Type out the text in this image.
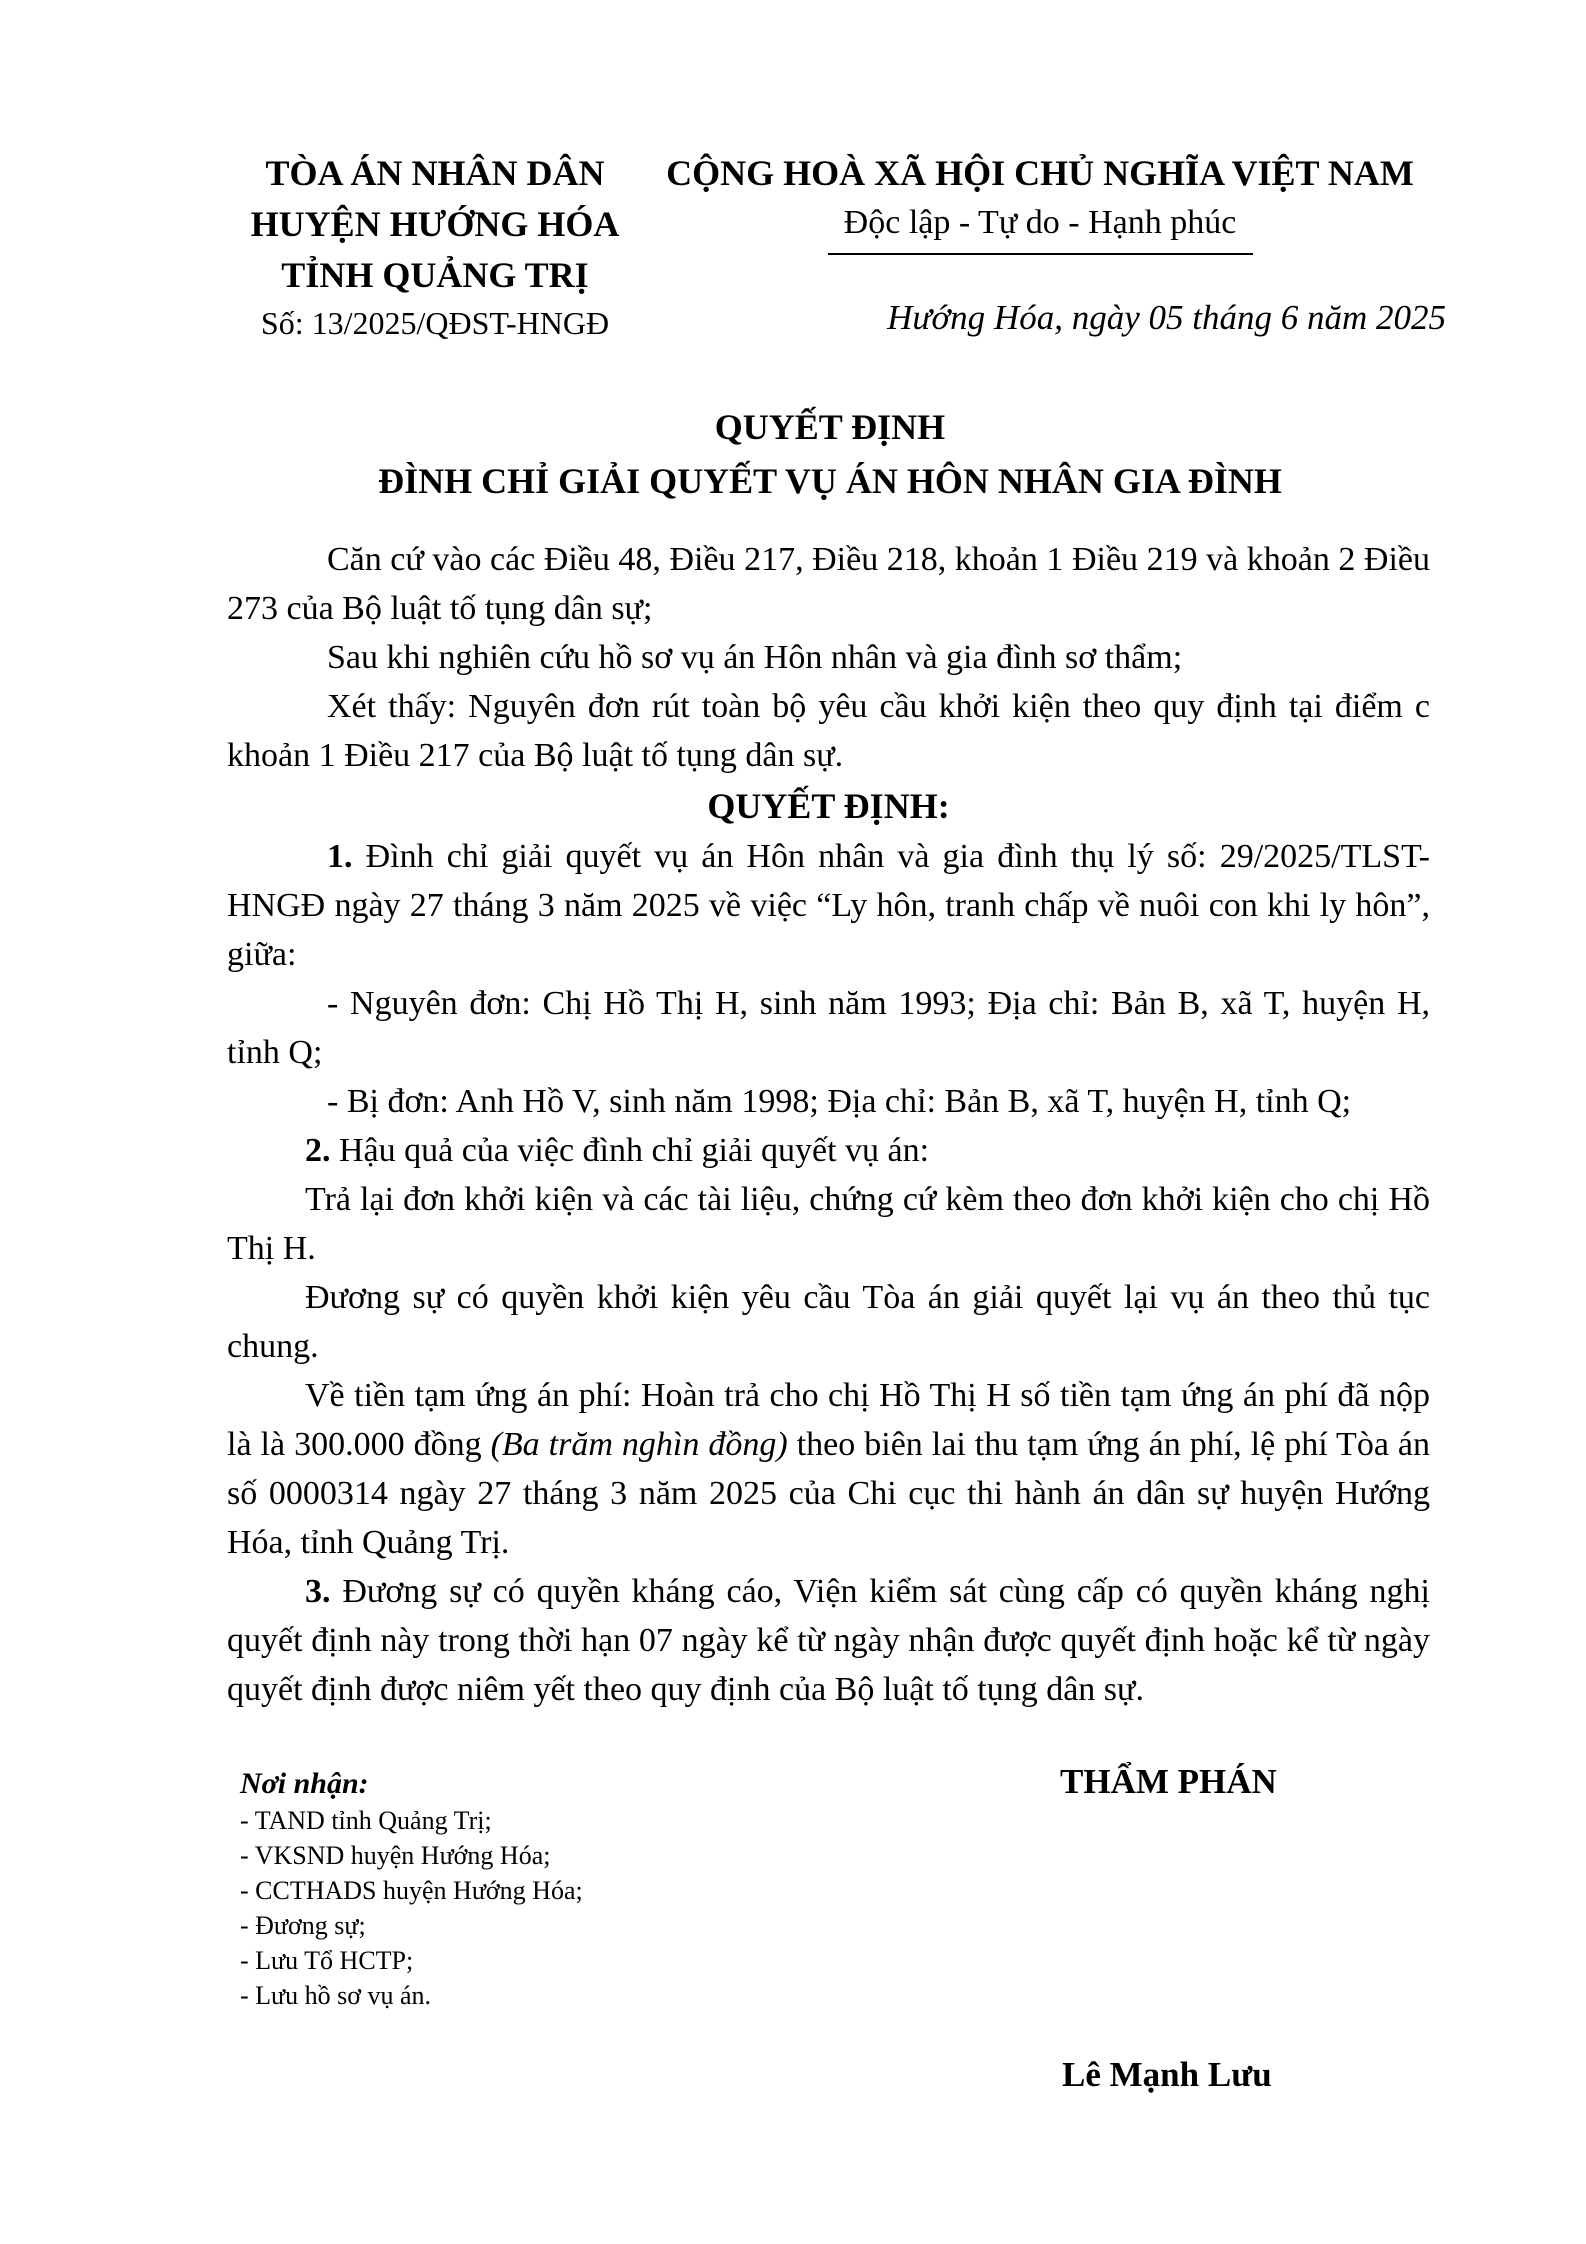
TÒA ÁN NHÂN DÂN
HUYỆN HƯỚNG HÓA
TỈNH QUẢNG TRỊ
Số: 13/2025/QĐST-HNGĐ
CỘNG HOÀ XÃ HỘI CHỦ NGHĨA VIỆT NAM
Độc lập - Tự do - Hạnh phúc
Hướng Hóa, ngày 05 tháng 6 năm 2025
QUYẾT ĐỊNH
ĐÌNH CHỈ GIẢI QUYẾT VỤ ÁN HÔN NHÂN GIA ĐÌNH

Căn cứ vào các Điều 48, Điều 217, Điều 218, khoản 1 Điều 219 và khoản 2 Điều 273 của Bộ luật tố tụng dân sự;

Sau khi nghiên cứu hồ sơ vụ án Hôn nhân và gia đình sơ thẩm;

Xét thấy: Nguyên đơn rút toàn bộ yêu cầu khởi kiện theo quy định tại điểm c khoản 1 Điều 217 của Bộ luật tố tụng dân sự.

QUYẾT ĐỊNH:

1. Đình chỉ giải quyết vụ án Hôn nhân và gia đình thụ lý số: 29/2025/TLST- HNGĐ ngày 27 tháng 3 năm 2025 về việc “Ly hôn, tranh chấp về nuôi con khi ly hôn”, giữa:

- Nguyên đơn: Chị Hồ Thị H, sinh năm 1993; Địa chỉ: Bản B, xã T, huyện H, tỉnh Q;

- Bị đơn: Anh Hồ V, sinh năm 1998; Địa chỉ: Bản B, xã T, huyện H, tỉnh Q;

2. Hậu quả của việc đình chỉ giải quyết vụ án:

Trả lại đơn khởi kiện và các tài liệu, chứng cứ kèm theo đơn khởi kiện cho chị Hồ Thị H.

Đương sự có quyền khởi kiện yêu cầu Tòa án giải quyết lại vụ án theo thủ tục chung.

Về tiền tạm ứng án phí: Hoàn trả cho chị Hồ Thị H số tiền tạm ứng án phí đã nộp là là 300.000 đồng (Ba trăm nghìn đồng) theo biên lai thu tạm ứng án phí, lệ phí Tòa án số 0000314 ngày 27 tháng 3 năm 2025 của Chi cục thi hành án dân sự huyện Hướng Hóa, tỉnh Quảng Trị.

3. Đương sự có quyền kháng cáo, Viện kiểm sát cùng cấp có quyền kháng nghị quyết định này trong thời hạn 07 ngày kể từ ngày nhận được quyết định hoặc kể từ ngày quyết định được niêm yết theo quy định của Bộ luật tố tụng dân sự.

Nơi nhận:
- TAND tỉnh Quảng Trị;
- VKSND huyện Hướng Hóa;
- CCTHADS huyện Hướng Hóa;
- Đương sự;
- Lưu Tổ HCTP;
- Lưu hồ sơ vụ án.
THẨM PHÁN
Lê Mạnh Lưu
